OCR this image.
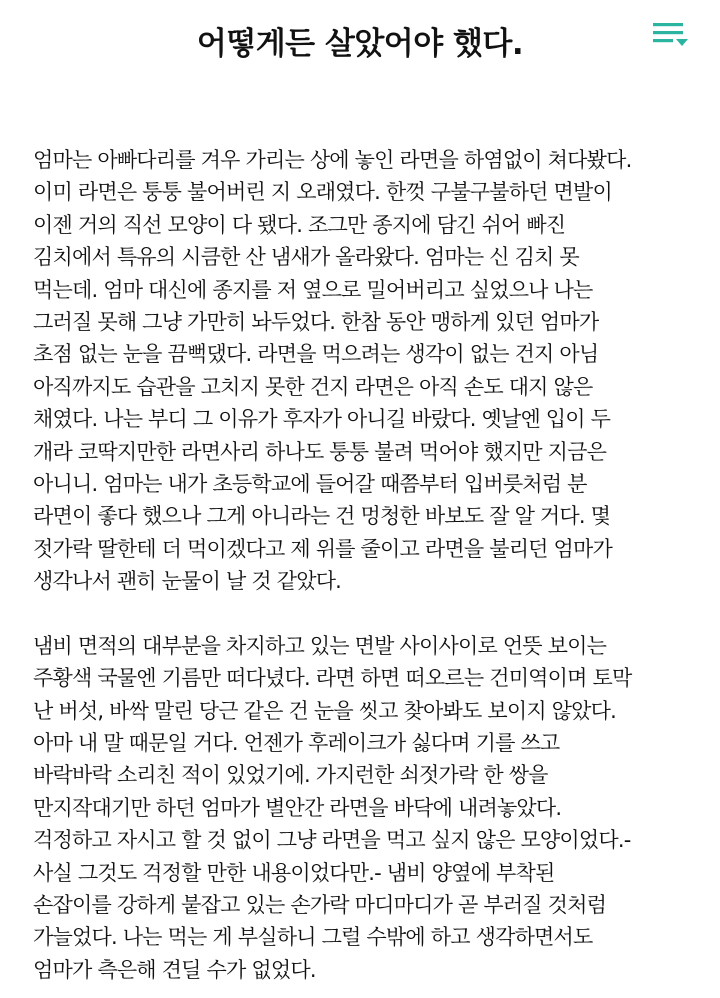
어떻게든 살았어야 했다.
엄마는 아빠다리를 겨우 가리는 상에 놓인 라면을 하염없이 쳐다봤다.
이미 라면은 퉁퉁 불어버린 지 오래였다. 한껏 구불구불하던 면발이
이젠 거의 직선 모양이 다 됐다. 조그만 종지에 담긴 쉬어 빠진
김치에서 특유의 시큼한 산 냄새가 올라왔다. 엄마는 신 김치 못
먹는데. 엄마 대신에 종지를 저 옆으로 밀어버리고 싶었으나 나는
그러질 못해 그냥 가만히 놔두었다. 한참 동안 맹하게 있던 엄마가
초점 없는 눈을 끔뻑댔다. 라면을 먹으려는 생각이 없는 건지 아님
아직까지도 습관을 고치지 못한 건지 라면은 아직 손도 대지 않은
채였다. 나는 부디 그 이유가 후자가 아니길 바랐다. 옛날엔 입이 두
개라 코딱지만한 라면사리 하나도 퉁퉁 불려 먹어야 했지만 지금은
아니니. 엄마는 내가 초등학교에 들어갈 때쯤부터 입버릇처럼 분
라면이 좋다 했으나 그게 아니라는 건 멍청한 바보도 잘 알 거다. 몇
젓가락 딸한테 더 먹이겠다고 제 위를 줄이고 라면을 불리던 엄마가
생각나서 괜히 눈물이 날 것 같았다.
냄비 면적의 대부분을 차지하고 있는 면발 사이사이로 언뜻 보이는
주황색 국물엔 기름만 떠다녔다. 라면 하면 떠오르는 건미역이며 토막
난 버섯, 바싹 말린 당근 같은 건 눈을 씻고 찾아봐도 보이지 않았다.
아마 내 말 때문일 거다. 언젠가 후레이크가 싫다며 기를 쓰고
바락바락 소리친 적이 있었기에. 가지런한 쇠젓가락 한 쌍을
만지작대기만 하던 엄마가 별안간 라면을 바닥에 내려놓았다.
걱정하고 자시고 할 것 없이 그냥 라면을 먹고 싶지 않은 모양이었다.-
사실 그것도 걱정할 만한 내용이었다만.- 냄비 양옆에 부착된
손잡이를 강하게 붙잡고 있는 손가락 마디마디가 곧 부러질 것처럼
가늘었다. 나는 먹는 게 부실하니 그럴 수밖에 하고 생각하면서도
엄마가 측은해 견딜 수가 없었다.
